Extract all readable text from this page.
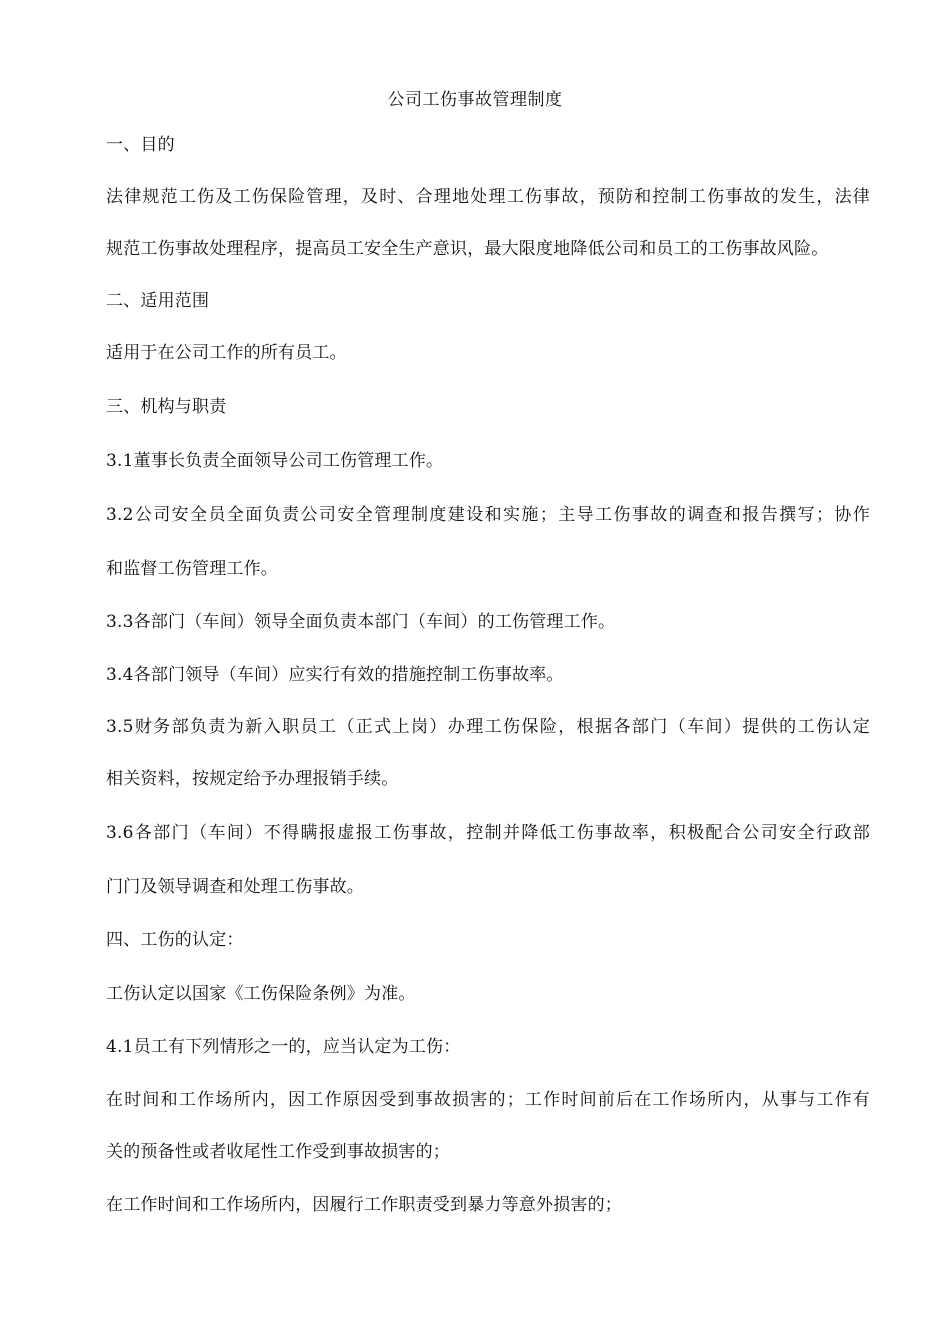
公司工伤事故管理制度
一、目的
法律规范工伤及工伤保险管理，及时、合理地处理工伤事故，预防和控制工伤事故的发生，法律
规范工伤事故处理程序，提高员工安全生产意识，最大限度地降低公司和员工的工伤事故风险。
二、适用范围
适用于在公司工作的所有员工。
三、机构与职责
3.1董事长负责全面领导公司工伤管理工作。
3.2公司安全员全面负责公司安全管理制度建设和实施；主导工伤事故的调查和报告撰写；协作
和监督工伤管理工作。
3.3各部门（车间）领导全面负责本部门（车间）的工伤管理工作。
3.4各部门领导（车间）应实行有效的措施控制工伤事故率。
3.5财务部负责为新入职员工（正式上岗）办理工伤保险，根据各部门（车间）提供的工伤认定
相关资料，按规定给予办理报销手续。
3.6各部门（车间）不得瞒报虚报工伤事故，控制并降低工伤事故率，积极配合公司安全行政部
门门及领导调查和处理工伤事故。
四、工伤的认定：
工伤认定以国家《工伤保险条例》为准。
4.1员工有下列情形之一的，应当认定为工伤：
在时间和工作场所内，因工作原因受到事故损害的；工作时间前后在工作场所内，从事与工作有
关的预备性或者收尾性工作受到事故损害的；
在工作时间和工作场所内，因履行工作职责受到暴力等意外损害的；
